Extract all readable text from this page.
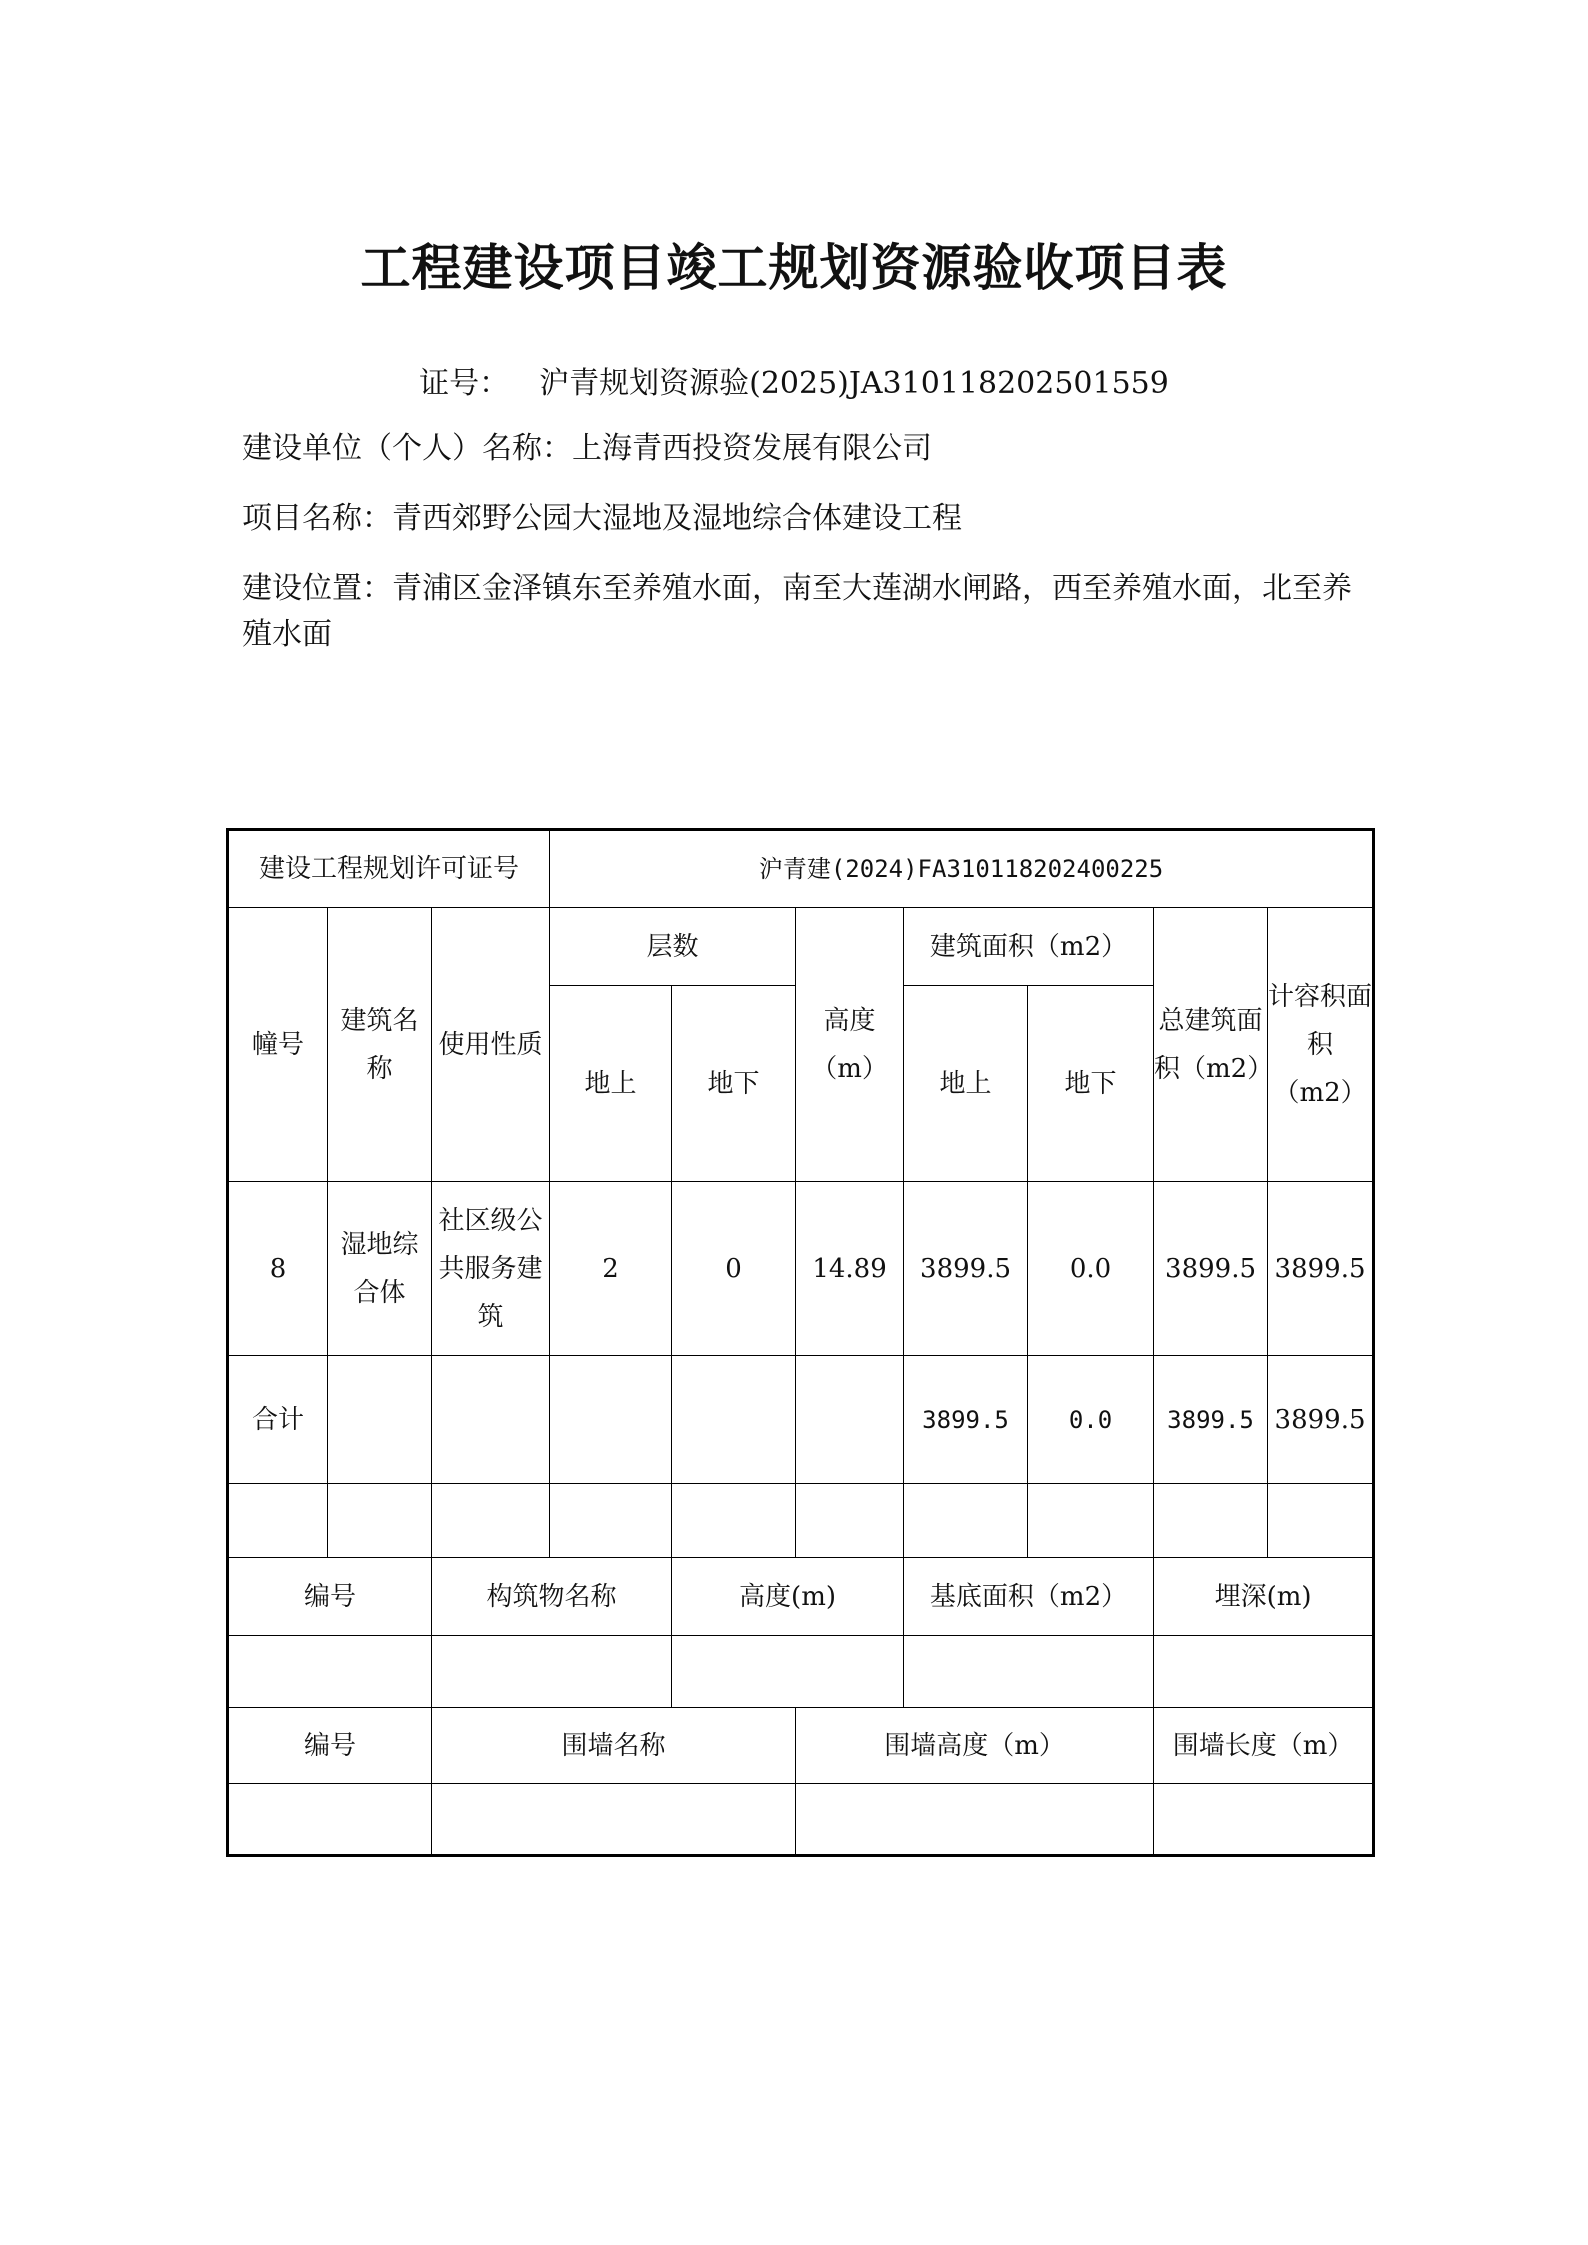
工程建设项目竣工规划资源验收项目表
证号： 沪青规划资源验(2025)JA310118202501559
建设单位（个人）名称：上海青西投资发展有限公司
项目名称：青西郊野公园大湿地及湿地综合体建设工程
建设位置：青浦区金泽镇东至养殖水面，南至大莲湖水闸路，西至养殖水面，北至养殖水面
建设工程规划许可证号			沪青建(2024)FA310118202400225						
幢号	建筑名称	使用性质	层数		高度（m）	建筑面积（m2）		总建筑面积（m2）	计容积面积（m2）
			地上	地下		地上	地下		
8	湿地综合体	社区级公共服务建筑	2	0	14.89	3899.5	0.0	3899.5	3899.5
合计						3899.5	0.0	3899.5	3899.5

编号		构筑物名称		高度(m)		基底面积（m2）		埋深(m)	

编号		围墙名称			围墙高度（m）			围墙长度（m）	
